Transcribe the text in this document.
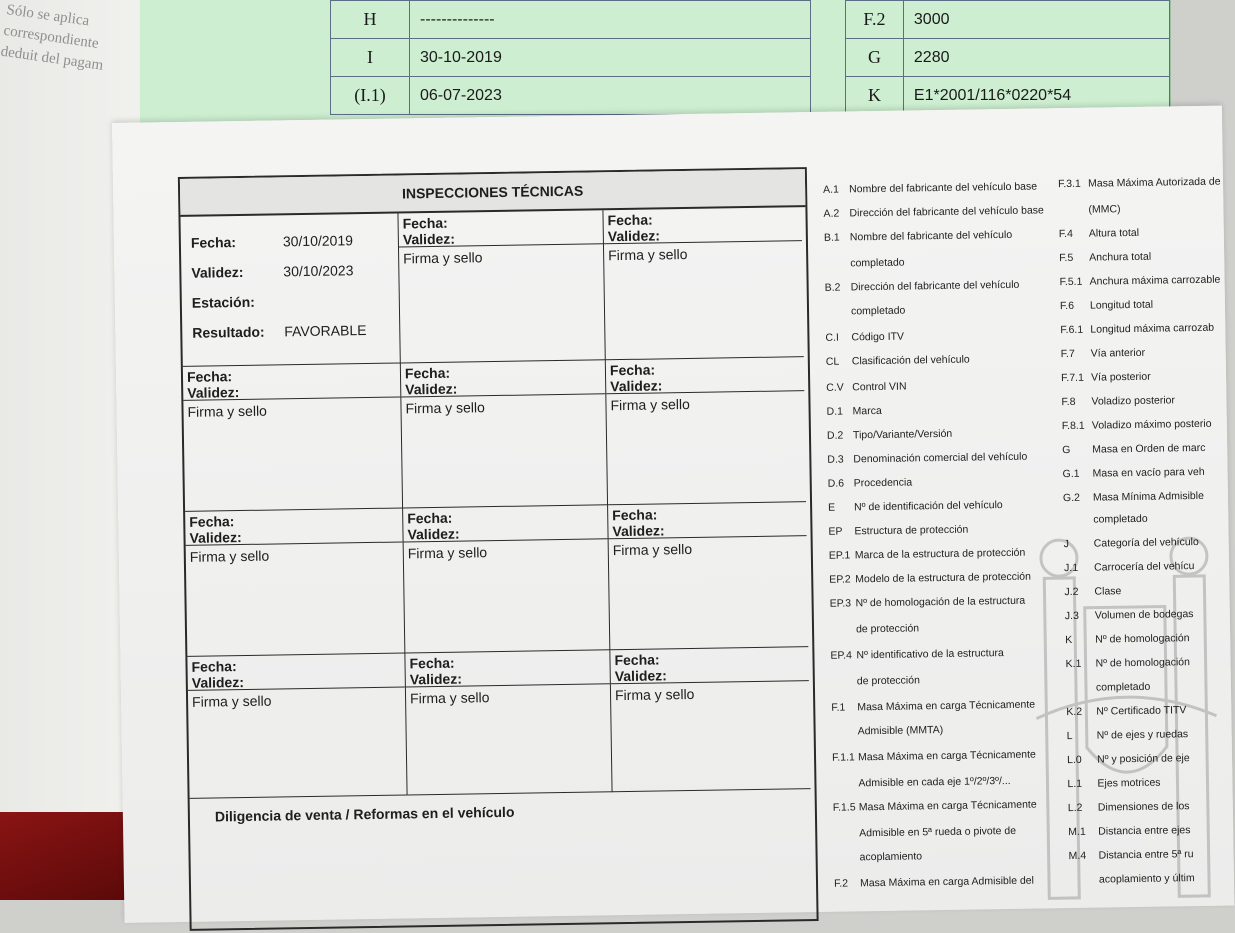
Sólo se aplica
correspondiente
deduit del pagam
H	--------------
I	30-10-2019
(I.1)	06-07-2023
F.2	3000
G	2280
K	E1*2001/116*0220*54
INSPECCIONES TÉCNICAS
Fecha:	30/10/2019
Validez:	30/10/2023
Estación:
Resultado:	FAVORABLE
Fecha:
Validez:
Firma y sello
Fecha:
Validez:
Firma y sello
Fecha:
Validez:
Firma y sello
Fecha:
Validez:
Firma y sello
Fecha:
Validez:
Firma y sello
Fecha:
Validez:
Firma y sello
Fecha:
Validez:
Firma y sello
Fecha:
Validez:
Firma y sello
Fecha:
Validez:
Firma y sello
Fecha:
Validez:
Firma y sello
Fecha:
Validez:
Firma y sello
Diligencia de venta / Reformas en el vehículo
A.1 Nombre del fabricante del vehículo base
A.2 Dirección del fabricante del vehículo base
B.1 Nombre del fabricante del vehículo
completado
B.2 Dirección del fabricante del vehículo
completado
C.I Código ITV
CL Clasificación del vehículo
C.V Control VIN
D.1 Marca
D.2 Tipo/Variante/Versión
D.3 Denominación comercial del vehículo
D.6 Procedencia
E Nº de identificación del vehículo
EP Estructura de protección
EP.1 Marca de la estructura de protección
EP.2 Modelo de la estructura de protección
EP.3 Nº de homologación de la estructura
de protección
EP.4 Nº identificativo de la estructura
de protección
F.1 Masa Máxima en carga Técnicamente
Admisible (MMTA)
F.1.1 Masa Máxima en carga Técnicamente
Admisible en cada eje 1º/2º/3º/...
F.1.5 Masa Máxima en carga Técnicamente
Admisible en 5ª rueda o pivote de
acoplamiento
F.2 Masa Máxima en carga Admisible del
F.3.1 Masa Máxima Autorizada de
(MMC)
F.4 Altura total
F.5 Anchura total
F.5.1 Anchura máxima carrozable
F.6 Longitud total
F.6.1 Longitud máxima carrozab
F.7 Vía anterior
F.7.1 Vía posterior
F.8 Voladizo posterior
F.8.1 Voladizo máximo posterio
G Masa en Orden de marc
G.1 Masa en vacío para veh
G.2 Masa Mínima Admisible
completado
J Categoría del vehículo
J.1 Carrocería del vehícu
J.2 Clase
J.3 Volumen de bodegas
K Nº de homologación
K.1 Nº de homologación
completado
K.2 Nº Certificado TITV
L Nº de ejes y ruedas
L.0 Nº y posición de eje
L.1 Ejes motrices
L.2 Dimensiones de los
M.1 Distancia entre ejes
M.4 Distancia entre 5ª ru
acoplamiento y últim
